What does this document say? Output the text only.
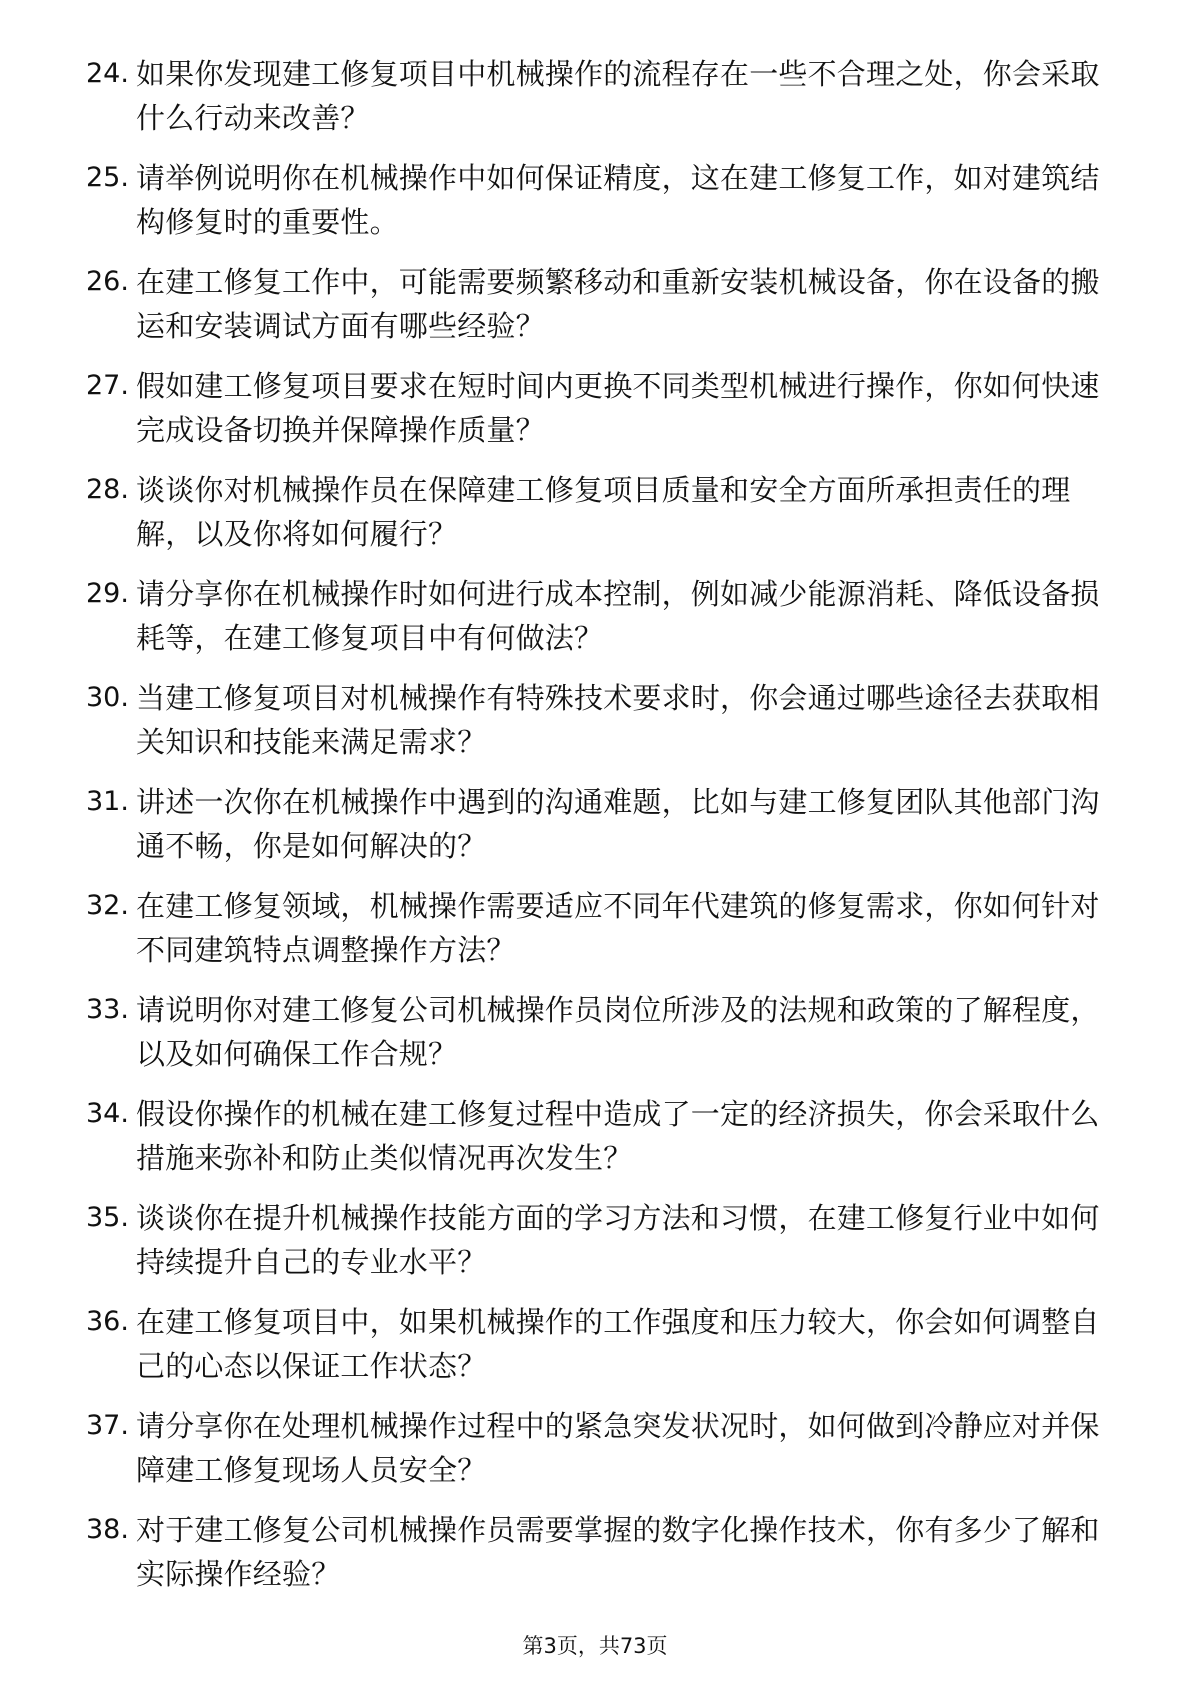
24. 如果你发现建工修复项目中机械操作的流程存在一些不合理之处，你会采取什么行动来改善？
25. 请举例说明你在机械操作中如何保证精度，这在建工修复工作，如对建筑结构修复时的重要性。
26. 在建工修复工作中，可能需要频繁移动和重新安装机械设备，你在设备的搬运和安装调试方面有哪些经验？
27. 假如建工修复项目要求在短时间内更换不同类型机械进行操作，你如何快速完成设备切换并保障操作质量？
28. 谈谈你对机械操作员在保障建工修复项目质量和安全方面所承担责任的理解，以及你将如何履行？
29. 请分享你在机械操作时如何进行成本控制，例如减少能源消耗、降低设备损耗等，在建工修复项目中有何做法？
30. 当建工修复项目对机械操作有特殊技术要求时，你会通过哪些途径去获取相关知识和技能来满足需求？
31. 讲述一次你在机械操作中遇到的沟通难题，比如与建工修复团队其他部门沟通不畅，你是如何解决的？
32. 在建工修复领域，机械操作需要适应不同年代建筑的修复需求，你如何针对不同建筑特点调整操作方法？
33. 请说明你对建工修复公司机械操作员岗位所涉及的法规和政策的了解程度，以及如何确保工作合规？
34. 假设你操作的机械在建工修复过程中造成了一定的经济损失，你会采取什么措施来弥补和防止类似情况再次发生？
35. 谈谈你在提升机械操作技能方面的学习方法和习惯，在建工修复行业中如何持续提升自己的专业水平？
36. 在建工修复项目中，如果机械操作的工作强度和压力较大，你会如何调整自己的心态以保证工作状态？
37. 请分享你在处理机械操作过程中的紧急突发状况时，如何做到冷静应对并保障建工修复现场人员安全？
38. 对于建工修复公司机械操作员需要掌握的数字化操作技术，你有多少了解和实际操作经验？
第3页，共73页
